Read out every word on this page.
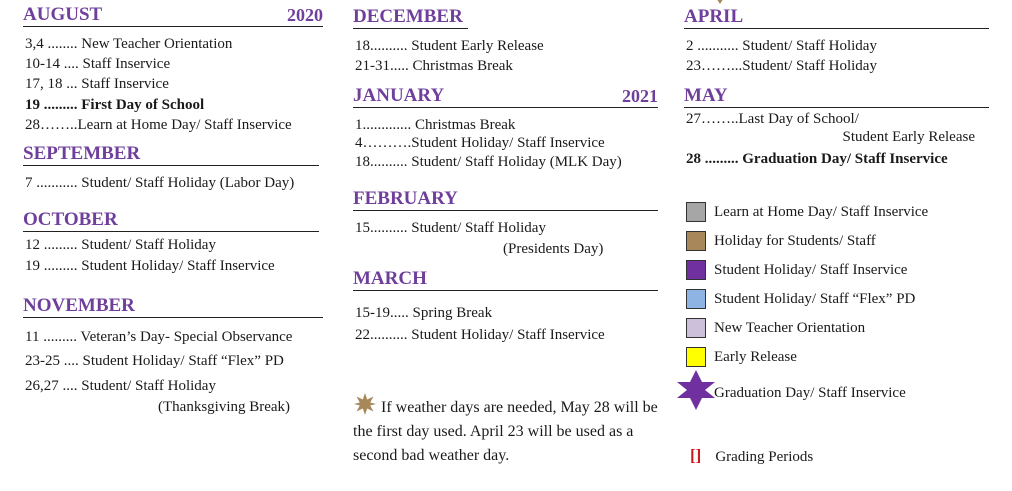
AUGUST	2020
3,4 ........ New Teacher Orientation
10-14 .... Staff Inservice
17, 18 ... Staff Inservice
19 ......... First Day of School
28……..Learn at Home Day/ Staff Inservice
SEPTEMBER
7 ........... Student/ Staff Holiday (Labor Day)
OCTOBER
12 ......... Student/ Staff Holiday
19 ......... Student Holiday/ Staff Inservice
NOVEMBER
11 ......... Veteran’s Day- Special Observance
23-25 .... Student Holiday/ Staff “Flex” PD
26,27 .... Student/ Staff Holiday
(Thanksgiving Break)
DECEMBER
18.......... Student Early Release
21-31..... Christmas Break
JANUARY	2021
1............. Christmas Break
4……….Student Holiday/ Staff Inservice
18.......... Student/ Staff Holiday (MLK Day)
FEBRUARY
15.......... Student/ Staff Holiday
(Presidents Day)
MARCH
15-19..... Spring Break
22.......... Student Holiday/ Staff Inservice
If weather days are needed, May 28 will be the first day used. April 23 will be used as a second bad weather day.
APRIL
2 ........... Student/ Staff Holiday
23……...Student/ Staff Holiday
MAY
27……..Last Day of School/
Student Early Release
28 ......... Graduation Day/ Staff Inservice
Learn at Home Day/ Staff Inservice
Holiday for Students/ Staff
Student Holiday/ Staff Inservice
Student Holiday/ Staff “Flex” PD
New Teacher Orientation
Early Release
Graduation Day/ Staff Inservice
[] Grading Periods
